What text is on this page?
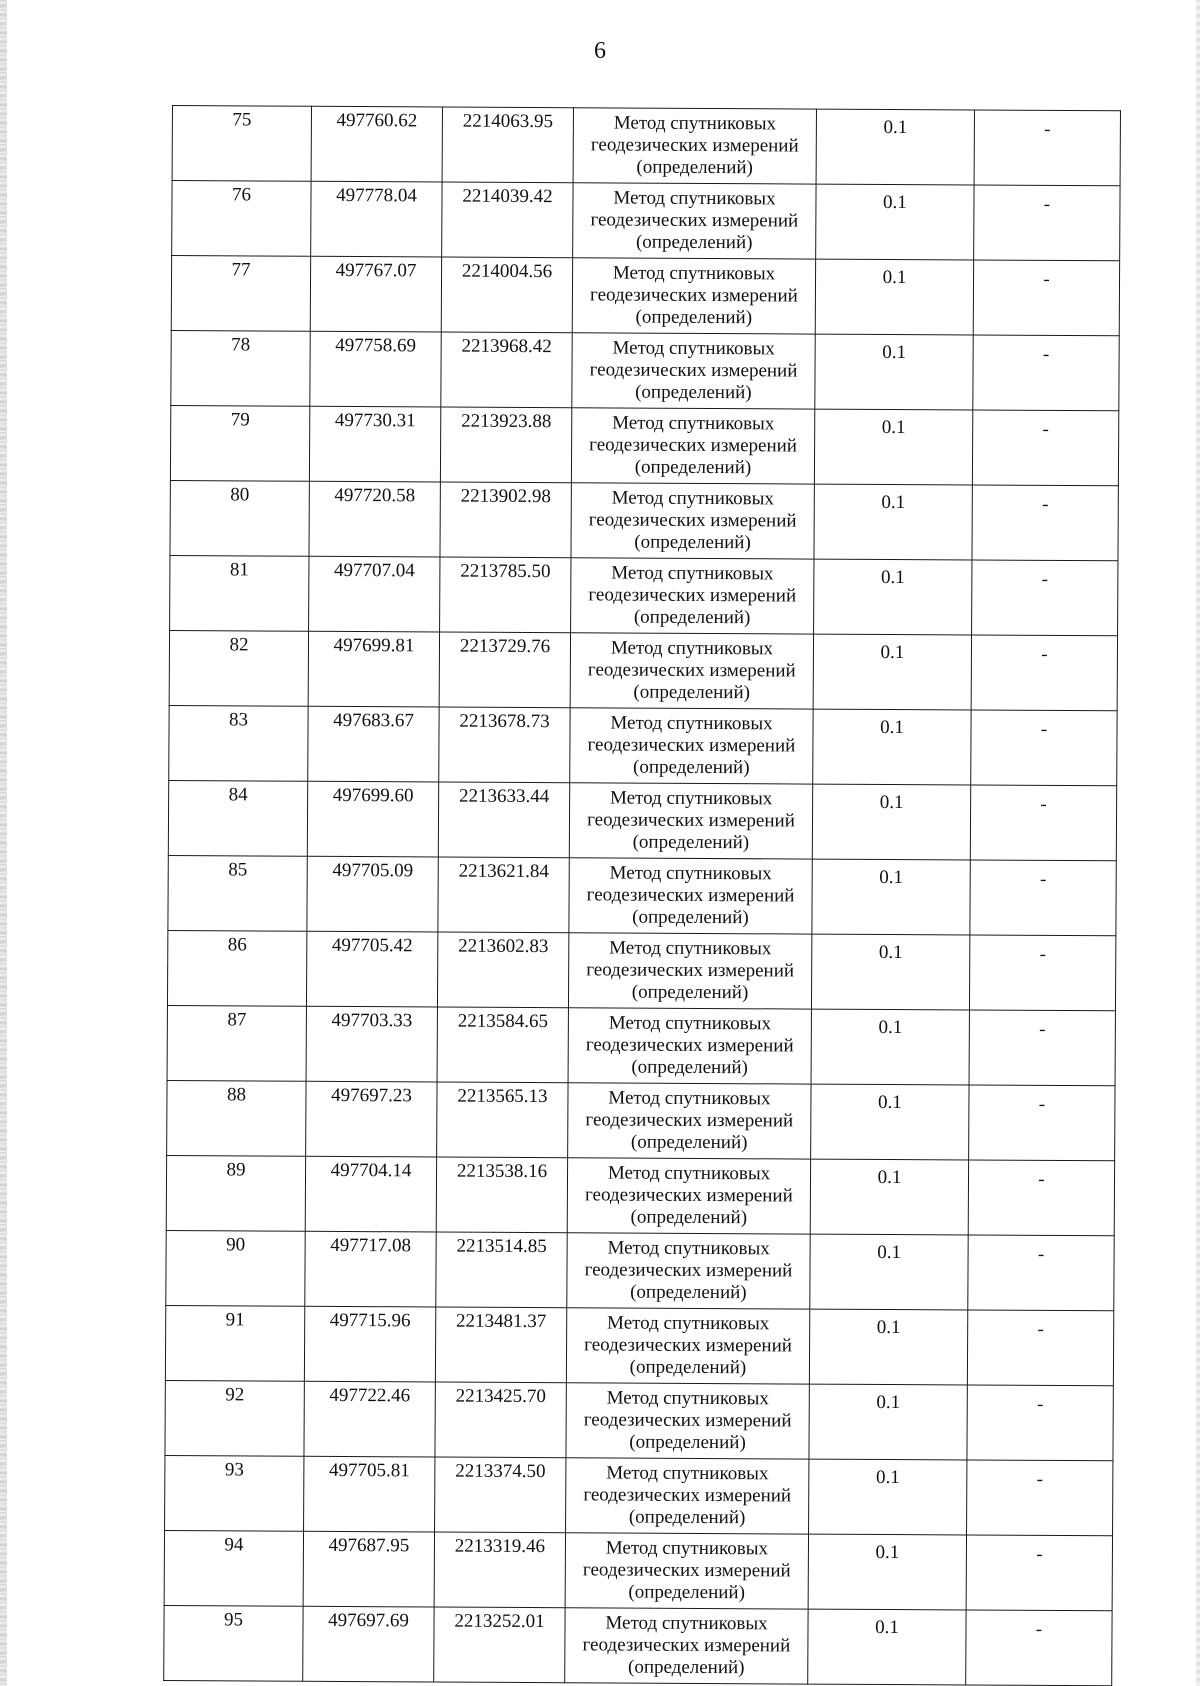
6
75	497760.62	2214063.95	Метод спутниковых геодезических измерений (определений)	0.1	-
76	497778.04	2214039.42	Метод спутниковых геодезических измерений (определений)	0.1	-
77	497767.07	2214004.56	Метод спутниковых геодезических измерений (определений)	0.1	-
78	497758.69	2213968.42	Метод спутниковых геодезических измерений (определений)	0.1	-
79	497730.31	2213923.88	Метод спутниковых геодезических измерений (определений)	0.1	-
80	497720.58	2213902.98	Метод спутниковых геодезических измерений (определений)	0.1	-
81	497707.04	2213785.50	Метод спутниковых геодезических измерений (определений)	0.1	-
82	497699.81	2213729.76	Метод спутниковых геодезических измерений (определений)	0.1	-
83	497683.67	2213678.73	Метод спутниковых геодезических измерений (определений)	0.1	-
84	497699.60	2213633.44	Метод спутниковых геодезических измерений (определений)	0.1	-
85	497705.09	2213621.84	Метод спутниковых геодезических измерений (определений)	0.1	-
86	497705.42	2213602.83	Метод спутниковых геодезических измерений (определений)	0.1	-
87	497703.33	2213584.65	Метод спутниковых геодезических измерений (определений)	0.1	-
88	497697.23	2213565.13	Метод спутниковых геодезических измерений (определений)	0.1	-
89	497704.14	2213538.16	Метод спутниковых геодезических измерений (определений)	0.1	-
90	497717.08	2213514.85	Метод спутниковых геодезических измерений (определений)	0.1	-
91	497715.96	2213481.37	Метод спутниковых геодезических измерений (определений)	0.1	-
92	497722.46	2213425.70	Метод спутниковых геодезических измерений (определений)	0.1	-
93	497705.81	2213374.50	Метод спутниковых геодезических измерений (определений)	0.1	-
94	497687.95	2213319.46	Метод спутниковых геодезических измерений (определений)	0.1	-
95	497697.69	2213252.01	Метод спутниковых геодезических измерений (определений)	0.1	-
